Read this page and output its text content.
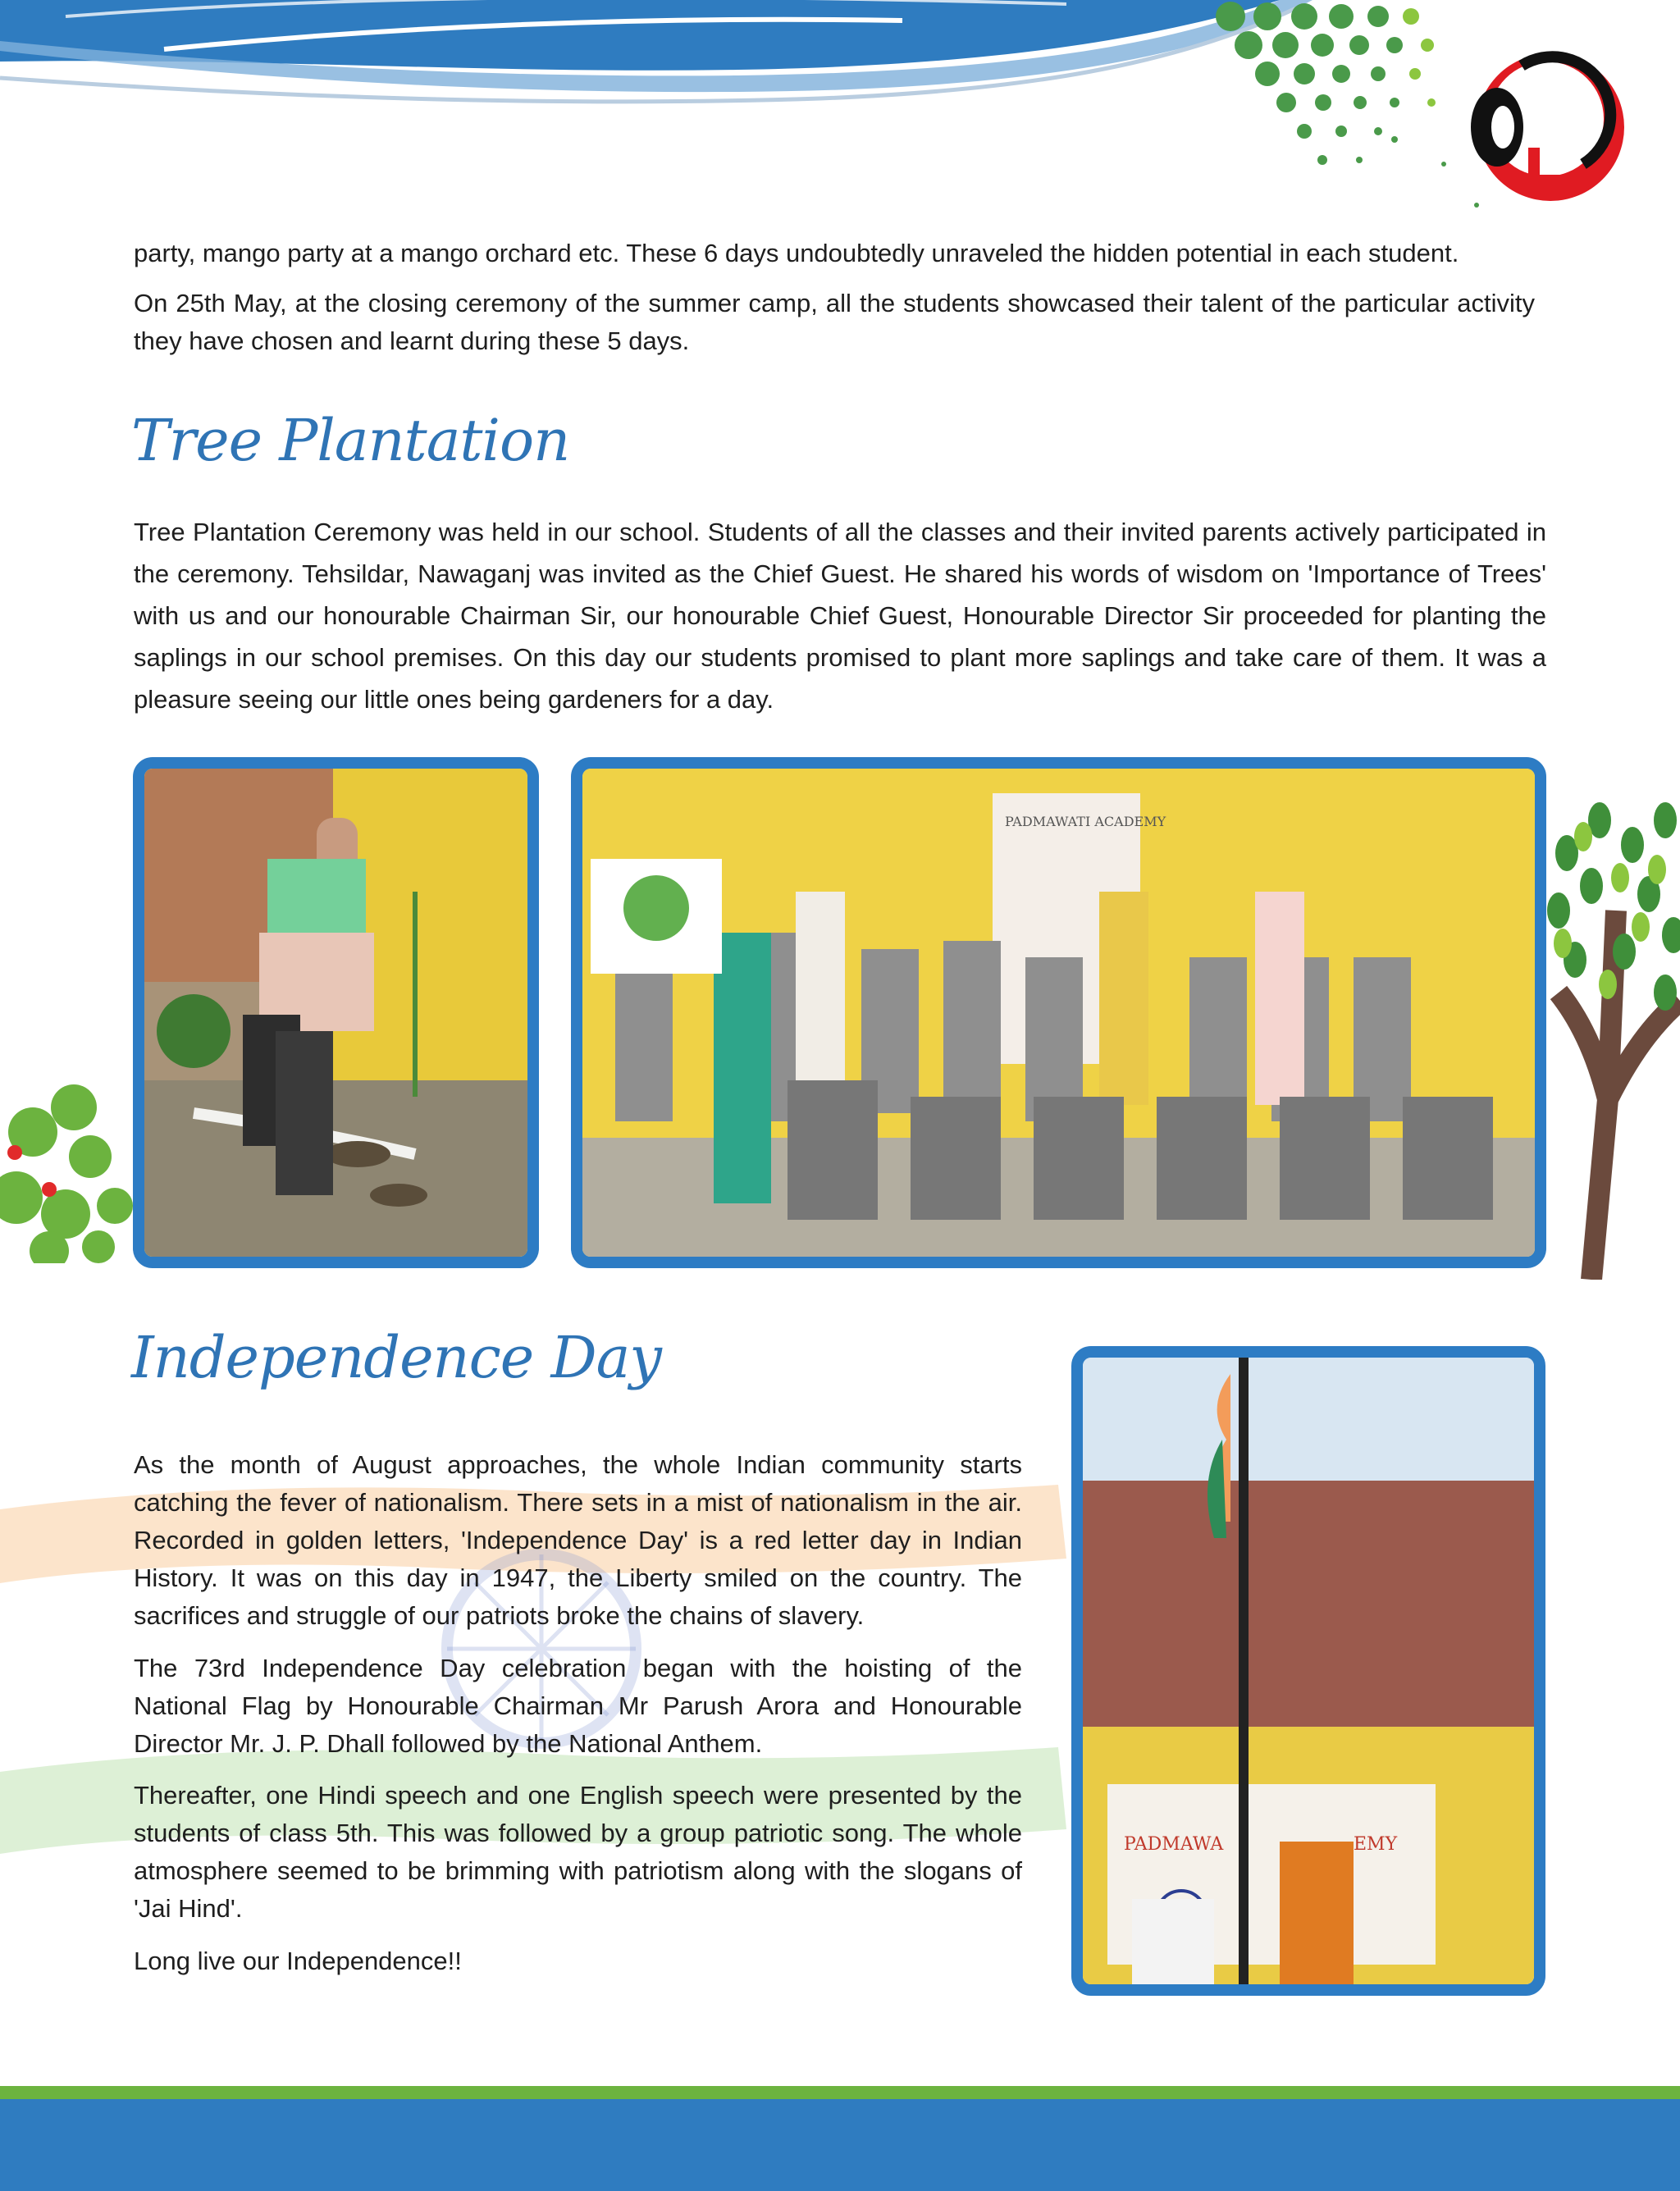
party, mango party at a mango orchard etc. These 6 days undoubtedly unraveled the hidden potential in each student.

On 25th May, at the closing ceremony of the summer camp, all the students showcased their talent of the particular activity they have chosen and learnt during these 5 days.

Tree Plantation

Tree Plantation Ceremony was held in our school. Students of all the classes and their invited parents actively participated in the ceremony. Tehsildar, Nawaganj was invited as the Chief Guest. He shared his words of wisdom on 'Importance of Trees' with us and our honourable Chairman Sir, our honourable Chief Guest, Honourable Director Sir proceeded for planting the saplings in our school premises. On this day our students promised to plant more saplings and take care of them. It was a pleasure seeing our little ones being gardeners for a day.

PADMAWATI ACADEMY
Independence Day

As the month of August approaches, the whole Indian community starts catching the fever of nationalism. There sets in a mist of nationalism in the air. Recorded in golden letters, 'Independence Day' is a red letter day in Indian History. It was on this day in 1947, the Liberty smiled on the country. The sacrifices and struggle of our patriots broke the chains of slavery.

The 73rd Independence Day celebration began with the hoisting of the National Flag by Honourable Chairman Mr Parush Arora and Honourable Director Mr. J. P. Dhall followed by the National Anthem.

Thereafter, one Hindi speech and one English speech were presented by the students of class 5th. This was followed by a group patriotic song. The whole atmosphere seemed to be brimming with patriotism along with the slogans of 'Jai Hind'.

Long live our Independence!!

PADMAWA	EMY
